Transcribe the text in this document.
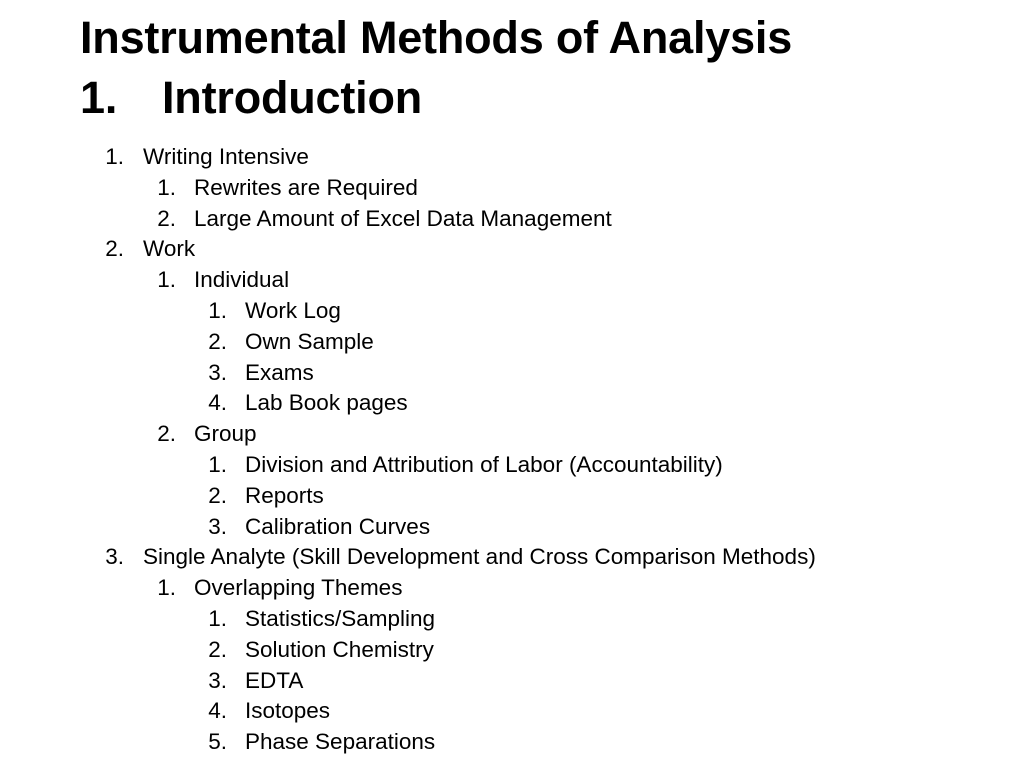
Instrumental Methods of Analysis
1. Introduction
1. Writing Intensive
1. Rewrites are Required
2. Large Amount of Excel Data Management
2. Work
1. Individual
1. Work Log
2. Own Sample
3. Exams
4. Lab Book pages
2. Group
1. Division and Attribution of Labor (Accountability)
2. Reports
3. Calibration Curves
3. Single Analyte (Skill Development and Cross Comparison Methods)
1. Overlapping Themes
1. Statistics/Sampling
2. Solution Chemistry
3. EDTA
4. Isotopes
5. Phase Separations
